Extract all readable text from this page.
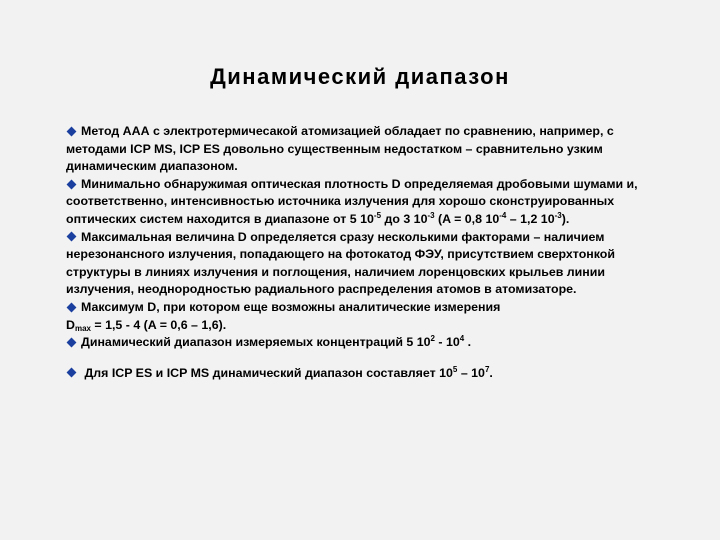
Динамический диапазон

Метод ААА с электротермичесакой атомизацией обладает по сравнению, например, с методами ICP MS, ICP ES довольно существенным недостатком – сравнительно узким динамическим диапазоном.

Минимально обнаружимая оптическая плотность D определяемая дробовыми шумами и, соответственно, интенсивностью источника излучения для хорошо сконструированных оптических систем находится в диапазоне от 5 $10^{-5}$ до 3 $10^{-3}$ (A = 0,8 $10^{-4} - 1,2$ $10^{-3}$).

Максимальная величина D определяется сразу несколькими факторами – наличием нерезонансного излучения, попадающего на фотокатод ФЭУ, присутствием сверхтонкой структуры в линиях излучения и поглощения, наличием лоренцовских крыльев линии излучения, неоднородностью радиального распределения атомов в атомизаторе.

Максимум D, при котором еще возможны аналитические измерения
$D_{max} = 1,5 - 4$ (A = 0,6 – 1,6).

Динамический диапазон измеряемых концентраций 5 $10^2 - 10^4$ .

Для ICP ES и ICP MS динамический диапазон составляет $10^5 - 10^7$.
